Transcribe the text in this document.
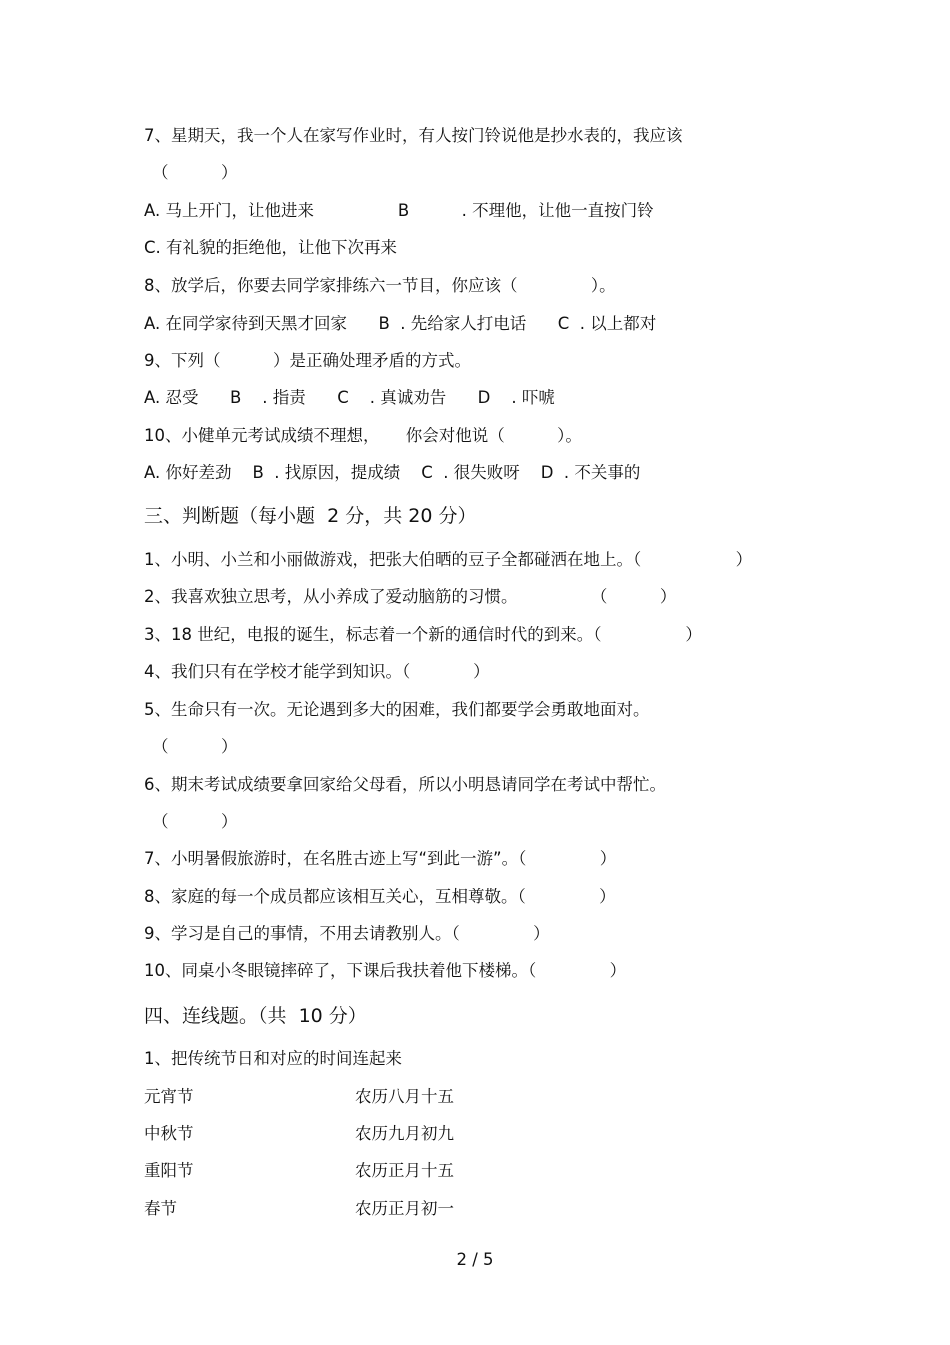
7、星期天，我一个人在家写作业时，有人按门铃说他是抄水表的，我应该
（          ）
A. 马上开门，让他进来                B          . 不理他，让他一直按门铃
C. 有礼貌的拒绝他，让他下次再来
8、放学后，你要去同学家排练六一节目，你应该（              ）。
A. 在同学家待到天黑才回家      B  . 先给家人打电话      C  . 以上都对
9、下列（          ）是正确处理矛盾的方式。
A. 忍受      B    . 指责      C    . 真诚劝告      D    . 吓唬
10、小健单元考试成绩不理想，     你会对他说（          ）。
A. 你好差劲    B  . 找原因，提成绩    C  . 很失败呀    D  . 不关事的
三、判断题（每小题  2 分，共 20 分）
1、小明、小兰和小丽做游戏，把张大伯晒的豆子全都碰洒在地上。（                  ）
2、我喜欢独立思考，从小养成了爱动脑筋的习惯。              （          ）
3、18 世纪，电报的诞生，标志着一个新的通信时代的到来。（                ）
4、我们只有在学校才能学到知识。（            ）
5、生命只有一次。无论遇到多大的困难，我们都要学会勇敢地面对。
（          ）
6、期末考试成绩要拿回家给父母看，所以小明恳请同学在考试中帮忙。
（          ）
7、小明暑假旅游时，在名胜古迹上写“到此一游”。（              ）
8、家庭的每一个成员都应该相互关心，互相尊敬。（              ）
9、学习是自己的事情，不用去请教别人。（              ）
10、同桌小冬眼镜摔碎了，下课后我扶着他下楼梯。（              ）
四、连线题。（共  10 分）
1、把传统节日和对应的时间连起来
元宵节	农历八月十五
中秋节	农历九月初九
重阳节	农历正月十五
春节	农历正月初一
2 / 5
